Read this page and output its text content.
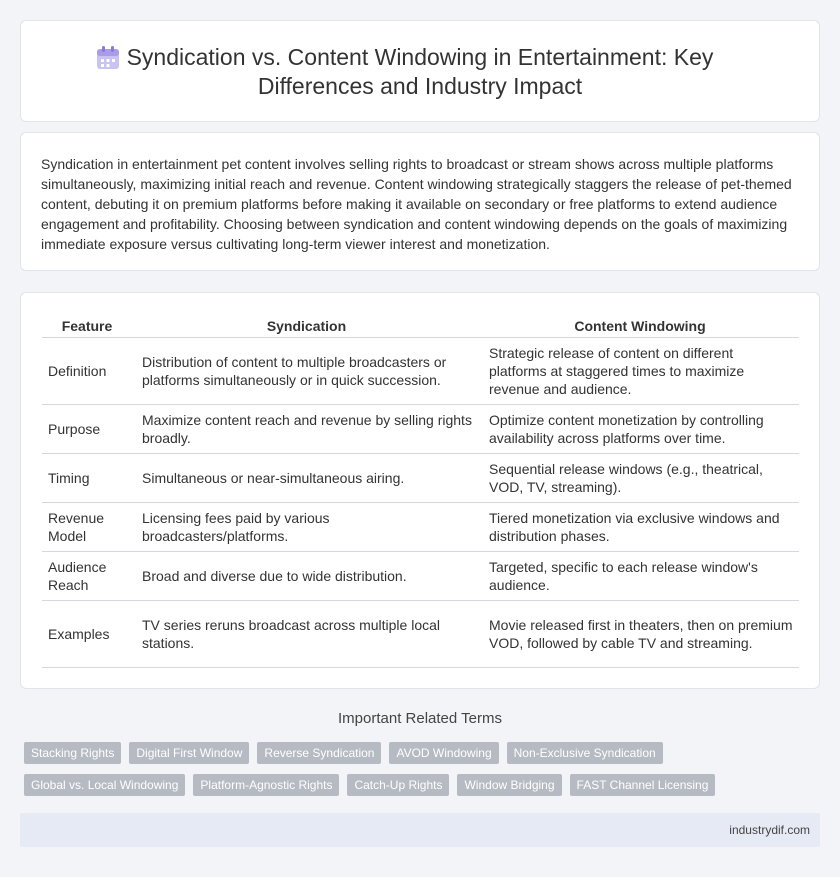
Syndication vs. Content Windowing in Entertainment: Key Differences and Industry Impact

Syndication in entertainment pet content involves selling rights to broadcast or stream shows across multiple platforms simultaneously, maximizing initial reach and revenue. Content windowing strategically staggers the release of pet-themed content, debuting it on premium platforms before making it available on secondary or free platforms to extend audience engagement and profitability. Choosing between syndication and content windowing depends on the goals of maximizing immediate exposure versus cultivating long-term viewer interest and monetization.

Feature	Syndication	Content Windowing
Definition	Distribution of content to multiple broadcasters or platforms simultaneously or in quick succession.	Strategic release of content on different platforms at staggered times to maximize revenue and audience.
Purpose	Maximize content reach and revenue by selling rights broadly.	Optimize content monetization by controlling availability across platforms over time.
Timing	Simultaneous or near-simultaneous airing.	Sequential release windows (e.g., theatrical, VOD, TV, streaming).
Revenue Model	Licensing fees paid by various broadcasters/platforms.	Tiered monetization via exclusive windows and distribution phases.
Audience Reach	Broad and diverse due to wide distribution.	Targeted, specific to each release window's audience.
Examples	TV series reruns broadcast across multiple local stations.	Movie released first in theaters, then on premium VOD, followed by cable TV and streaming.
Important Related Terms
Stacking Rights	Digital First Window	Reverse Syndication	AVOD Windowing	Non-Exclusive Syndication
Global vs. Local Windowing	Platform-Agnostic Rights	Catch-Up Rights	Window Bridging	FAST Channel Licensing
industrydif.com
